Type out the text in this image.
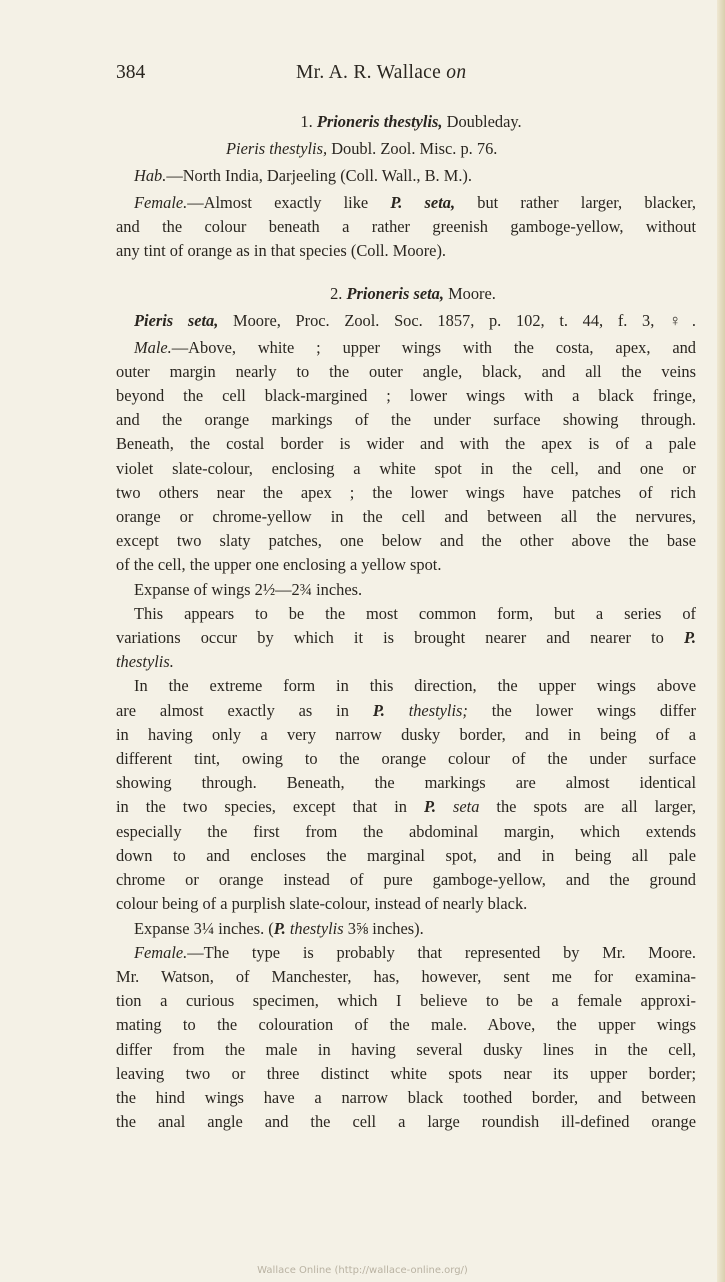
384	Mr. A. R. Wallace on
1. Prioneris thestylis, Doubleday.
Pieris thestylis, Doubl. Zool. Misc. p. 76.
Hab.—North India, Darjeeling (Coll. Wall., B. M.).
Female.—Almost exactly like P. seta, but rather larger, blacker,
and the colour beneath a rather greenish gamboge-yellow, without
any tint of orange as in that species (Coll. Moore).
2. Prioneris seta, Moore.
Pieris seta, Moore, Proc. Zool. Soc. 1857, p. 102, t. 44, f. 3, ♀.
Male.—Above, white ; upper wings with the costa, apex, and
outer margin nearly to the outer angle, black, and all the veins
beyond the cell black-margined ; lower wings with a black fringe,
and the orange markings of the under surface showing through.
Beneath, the costal border is wider and with the apex is of a pale
violet slate-colour, enclosing a white spot in the cell, and one or
two others near the apex ; the lower wings have patches of rich
orange or chrome-yellow in the cell and between all the nervures,
except two slaty patches, one below and the other above the base
of the cell, the upper one enclosing a yellow spot.
Expanse of wings 2½—2¾ inches.
This appears to be the most common form, but a series of
variations occur by which it is brought nearer and nearer to P.
thestylis.
In the extreme form in this direction, the upper wings above
are almost exactly as in P. thestylis; the lower wings differ
in having only a very narrow dusky border, and in being of a
different tint, owing to the orange colour of the under surface
showing through. Beneath, the markings are almost identical
in the two species, except that in P. seta the spots are all larger,
especially the first from the abdominal margin, which extends
down to and encloses the marginal spot, and in being all pale
chrome or orange instead of pure gamboge-yellow, and the ground
colour being of a purplish slate-colour, instead of nearly black.
Expanse 3¼ inches. (P. thestylis 3⅝ inches).
Female.—The type is probably that represented by Mr. Moore.
Mr. Watson, of Manchester, has, however, sent me for examina-
tion a curious specimen, which I believe to be a female approxi-
mating to the colouration of the male. Above, the upper wings
differ from the male in having several dusky lines in the cell,
leaving two or three distinct white spots near its upper border;
the hind wings have a narrow black toothed border, and between
the anal angle and the cell a large roundish ill-defined orange
Wallace Online (http://wallace-online.org/)
